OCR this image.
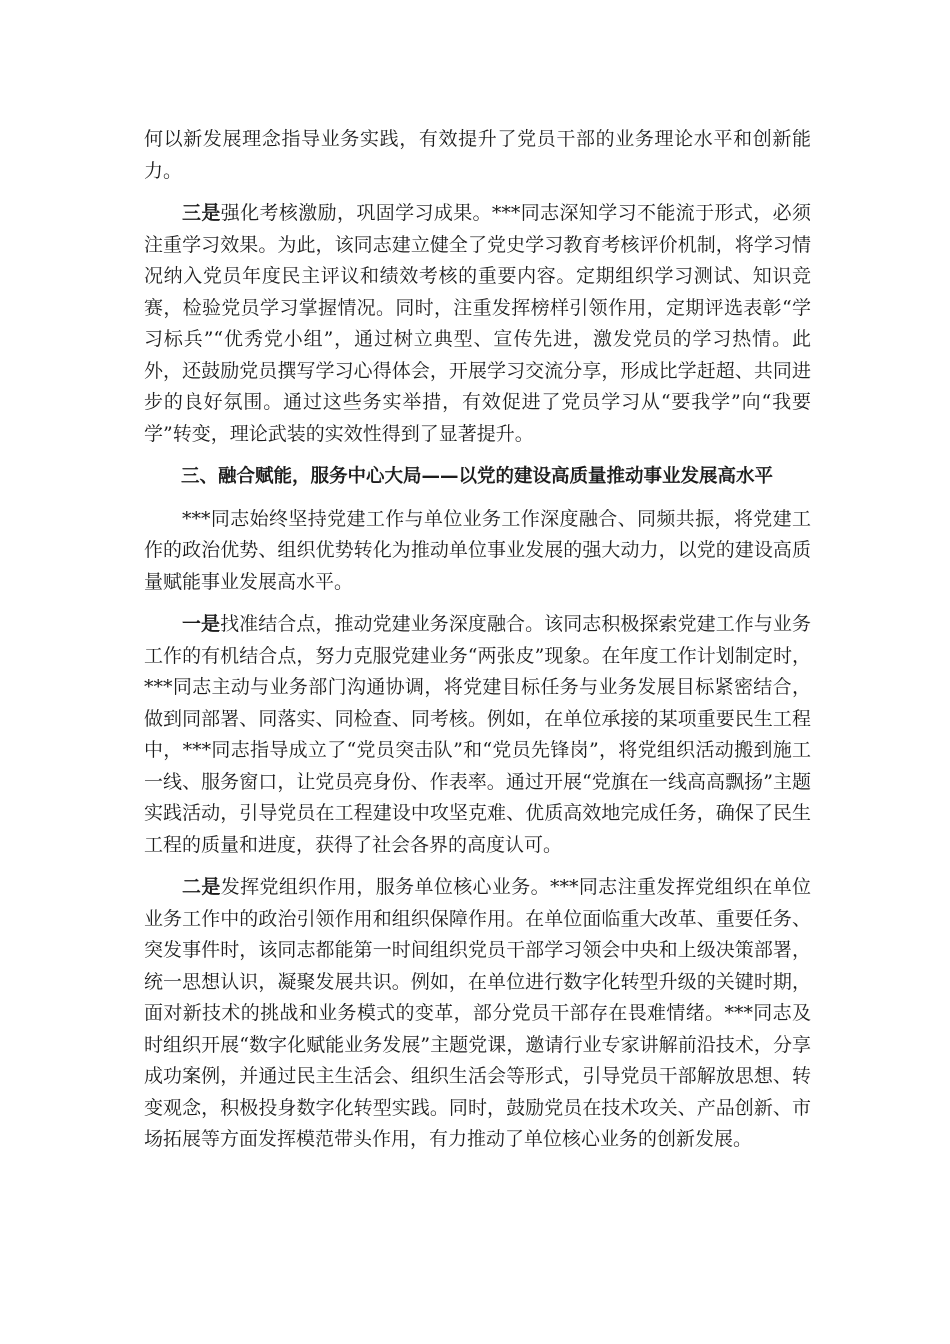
何以新发展理念指导业务实践，有效提升了党员干部的业务理论水平和创新能力。

三是强化考核激励，巩固学习成果。***同志深知学习不能流于形式，必须注重学习效果。为此，该同志建立健全了党史学习教育考核评价机制，将学习情况纳入党员年度民主评议和绩效考核的重要内容。定期组织学习测试、知识竞赛，检验党员学习掌握情况。同时，注重发挥榜样引领作用，定期评选表彰“学习标兵”“优秀党小组”，通过树立典型、宣传先进，激发党员的学习热情。此外，还鼓励党员撰写学习心得体会，开展学习交流分享，形成比学赶超、共同进步的良好氛围。通过这些务实举措，有效促进了党员学习从“要我学”向“我要学”转变，理论武装的实效性得到了显著提升。

三、融合赋能，服务中心大局——以党的建设高质量推动事业发展高水平

***同志始终坚持党建工作与单位业务工作深度融合、同频共振，将党建工作的政治优势、组织优势转化为推动单位事业发展的强大动力，以党的建设高质量赋能事业发展高水平。

一是找准结合点，推动党建业务深度融合。该同志积极探索党建工作与业务工作的有机结合点，努力克服党建业务“两张皮”现象。在年度工作计划制定时，***同志主动与业务部门沟通协调，将党建目标任务与业务发展目标紧密结合，做到同部署、同落实、同检查、同考核。例如，在单位承接的某项重要民生工程中，***同志指导成立了“党员突击队”和“党员先锋岗”，将党组织活动搬到施工一线、服务窗口，让党员亮身份、作表率。通过开展“党旗在一线高高飘扬”主题实践活动，引导党员在工程建设中攻坚克难、优质高效地完成任务，确保了民生工程的质量和进度，获得了社会各界的高度认可。

二是发挥党组织作用，服务单位核心业务。***同志注重发挥党组织在单位业务工作中的政治引领作用和组织保障作用。在单位面临重大改革、重要任务、突发事件时，该同志都能第一时间组织党员干部学习领会中央和上级决策部署，统一思想认识，凝聚发展共识。例如，在单位进行数字化转型升级的关键时期，面对新技术的挑战和业务模式的变革，部分党员干部存在畏难情绪。***同志及时组织开展“数字化赋能业务发展”主题党课，邀请行业专家讲解前沿技术，分享成功案例，并通过民主生活会、组织生活会等形式，引导党员干部解放思想、转变观念，积极投身数字化转型实践。同时，鼓励党员在技术攻关、产品创新、市场拓展等方面发挥模范带头作用，有力推动了单位核心业务的创新发展。
